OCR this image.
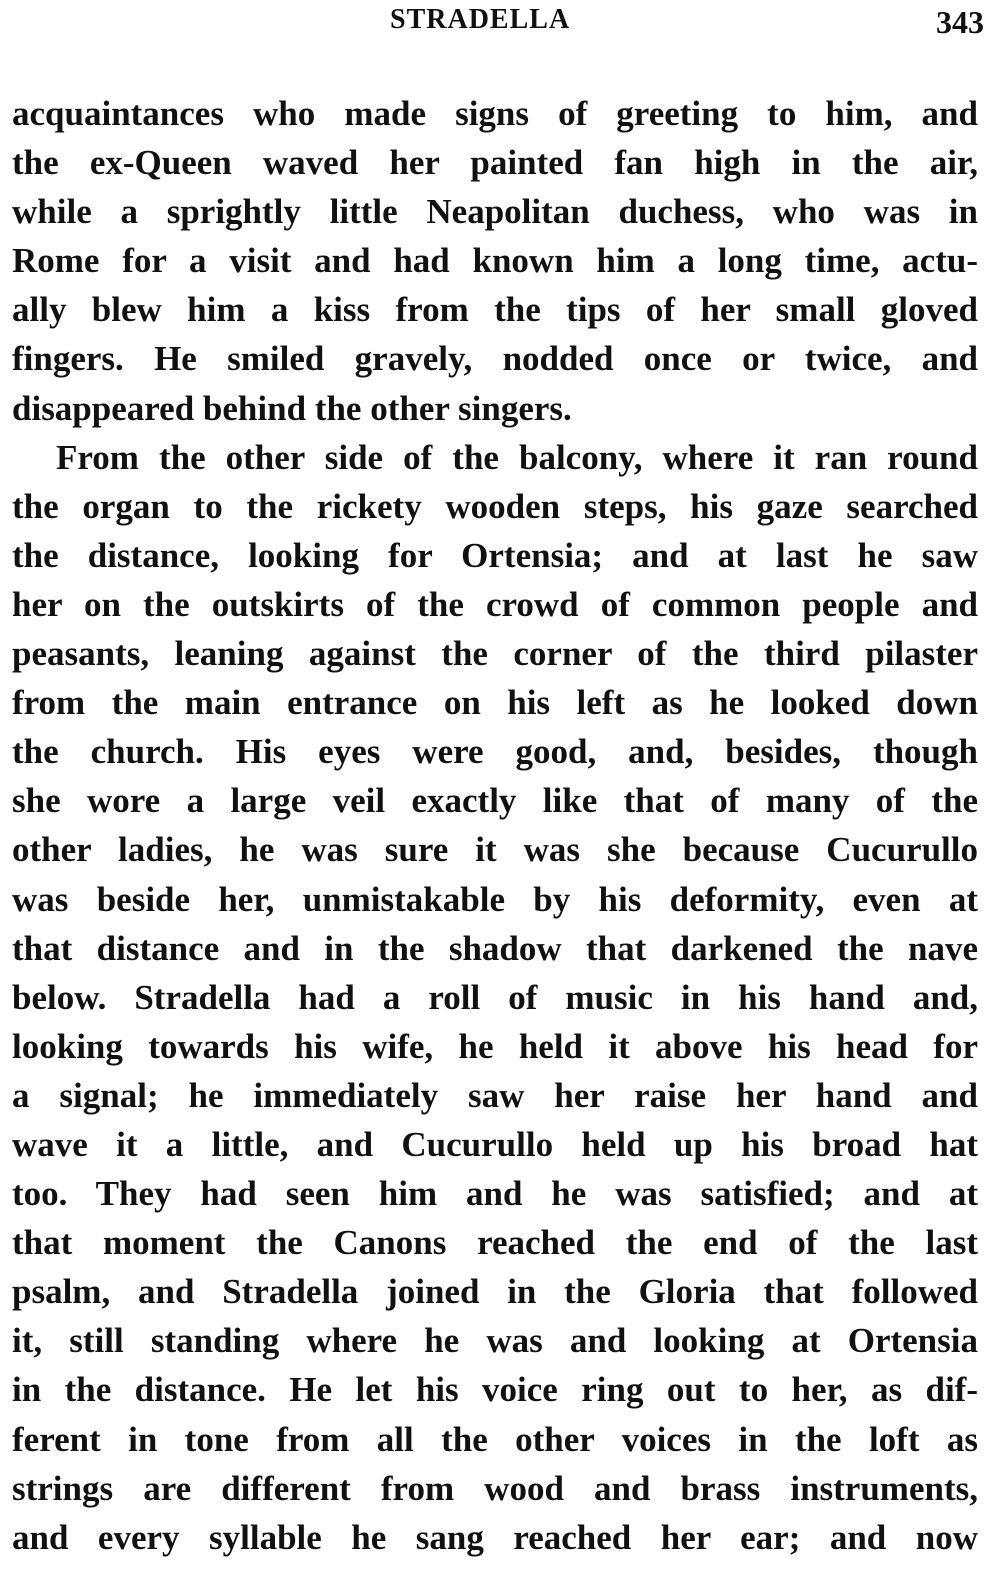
STRADELLA	343
acquaintances who made signs of greeting to him, and
the ex-Queen waved her painted fan high in the air,
while a sprightly little Neapolitan duchess, who was in
Rome for a visit and had known him a long time, actu-
ally blew him a kiss from the tips of her small gloved
fingers. He smiled gravely, nodded once or twice, and
disappeared behind the other singers.
From the other side of the balcony, where it ran round
the organ to the rickety wooden steps, his gaze searched
the distance, looking for Ortensia; and at last he saw
her on the outskirts of the crowd of common people and
peasants, leaning against the corner of the third pilaster
from the main entrance on his left as he looked down
the church. His eyes were good, and, besides, though
she wore a large veil exactly like that of many of the
other ladies, he was sure it was she because Cucurullo
was beside her, unmistakable by his deformity, even at
that distance and in the shadow that darkened the nave
below. Stradella had a roll of music in his hand and,
looking towards his wife, he held it above his head for
a signal; he immediately saw her raise her hand and
wave it a little, and Cucurullo held up his broad hat
too. They had seen him and he was satisfied; and at
that moment the Canons reached the end of the last
psalm, and Stradella joined in the Gloria that followed
it, still standing where he was and looking at Ortensia
in the distance. He let his voice ring out to her, as dif-
ferent in tone from all the other voices in the loft as
strings are different from wood and brass instruments,
and every syllable he sang reached her ear; and now
